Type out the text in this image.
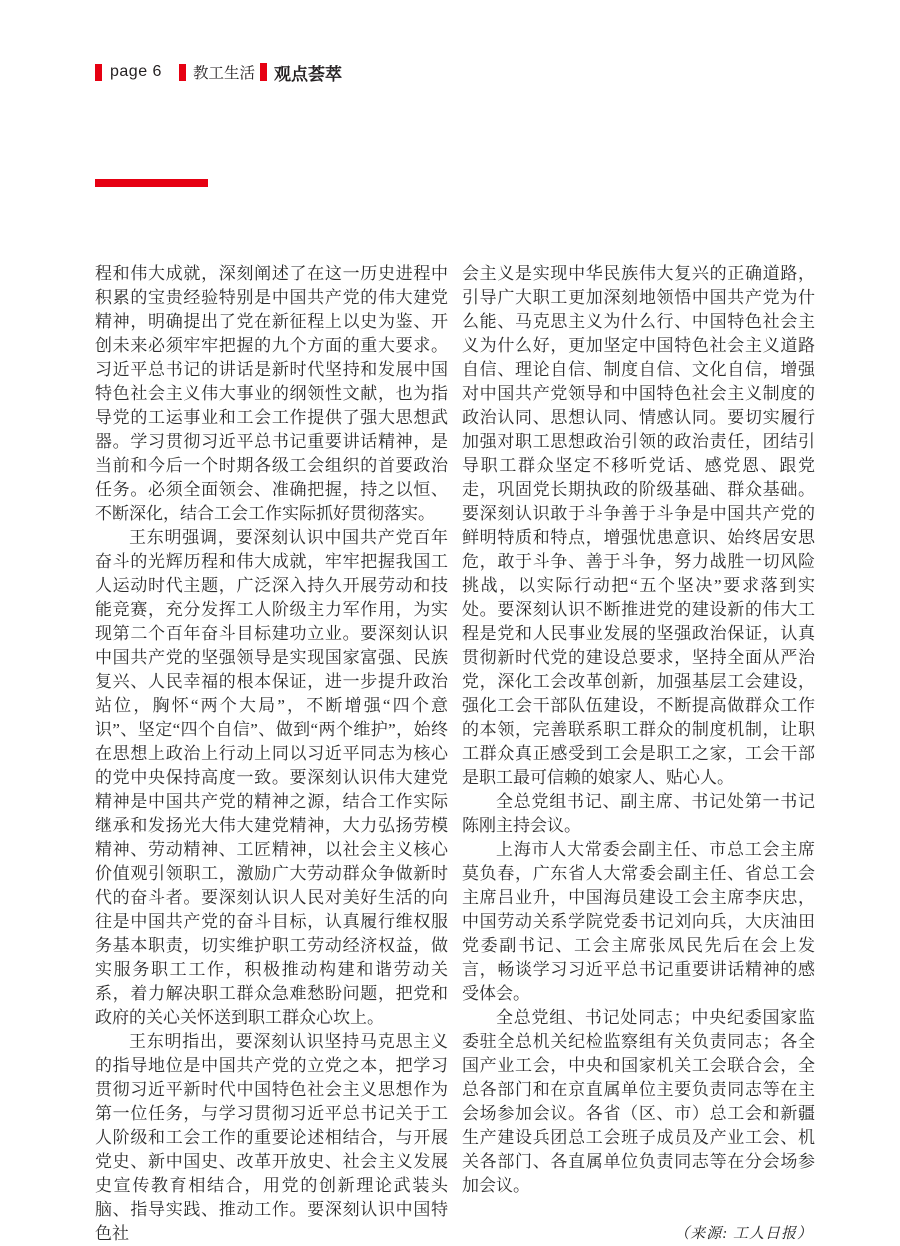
page 6 教工生活 观点荟萃

程和伟大成就，深刻阐述了在这一历史进程中积累的宝贵经验特别是中国共产党的伟大建党精神，明确提出了党在新征程上以史为鉴、开创未来必须牢牢把握的九个方面的重大要求。习近平总书记的讲话是新时代坚持和发展中国特色社会主义伟大事业的纲领性文献，也为指导党的工运事业和工会工作提供了强大思想武器。学习贯彻习近平总书记重要讲话精神，是当前和今后一个时期各级工会组织的首要政治任务。必须全面领会、准确把握，持之以恒、不断深化，结合工会工作实际抓好贯彻落实。

王东明强调，要深刻认识中国共产党百年奋斗的光辉历程和伟大成就，牢牢把握我国工人运动时代主题，广泛深入持久开展劳动和技能竞赛，充分发挥工人阶级主力军作用，为实现第二个百年奋斗目标建功立业。要深刻认识中国共产党的坚强领导是实现国家富强、民族复兴、人民幸福的根本保证，进一步提升政治站位，胸怀“两个大局”，不断增强“四个意识”、坚定“四个自信”、做到“两个维护”，始终在思想上政治上行动上同以习近平同志为核心的党中央保持高度一致。要深刻认识伟大建党精神是中国共产党的精神之源，结合工作实际继承和发扬光大伟大建党精神，大力弘扬劳模精神、劳动精神、工匠精神，以社会主义核心价值观引领职工，激励广大劳动群众争做新时代的奋斗者。要深刻认识人民对美好生活的向往是中国共产党的奋斗目标，认真履行维权服务基本职责，切实维护职工劳动经济权益，做实服务职工工作，积极推动构建和谐劳动关系，着力解决职工群众急难愁盼问题，把党和政府的关心关怀送到职工群众心坎上。

王东明指出，要深刻认识坚持马克思主义的指导地位是中国共产党的立党之本，把学习贯彻习近平新时代中国特色社会主义思想作为第一位任务，与学习贯彻习近平总书记关于工人阶级和工会工作的重要论述相结合，与开展党史、新中国史、改革开放史、社会主义发展史宣传教育相结合，用党的创新理论武装头脑、指导实践、推动工作。要深刻认识中国特色社

会主义是实现中华民族伟大复兴的正确道路，引导广大职工更加深刻地领悟中国共产党为什么能、马克思主义为什么行、中国特色社会主义为什么好，更加坚定中国特色社会主义道路自信、理论自信、制度自信、文化自信，增强对中国共产党领导和中国特色社会主义制度的政治认同、思想认同、情感认同。要切实履行加强对职工思想政治引领的政治责任，团结引导职工群众坚定不移听党话、感党恩、跟党走，巩固党长期执政的阶级基础、群众基础。要深刻认识敢于斗争善于斗争是中国共产党的鲜明特质和特点，增强忧患意识、始终居安思危，敢于斗争、善于斗争，努力战胜一切风险挑战，以实际行动把“五个坚决”要求落到实处。要深刻认识不断推进党的建设新的伟大工程是党和人民事业发展的坚强政治保证，认真贯彻新时代党的建设总要求，坚持全面从严治党，深化工会改革创新，加强基层工会建设，强化工会干部队伍建设，不断提高做群众工作的本领，完善联系职工群众的制度机制，让职工群众真正感受到工会是职工之家，工会干部是职工最可信赖的娘家人、贴心人。

全总党组书记、副主席、书记处第一书记陈刚主持会议。

上海市人大常委会副主任、市总工会主席莫负春，广东省人大常委会副主任、省总工会主席吕业升，中国海员建设工会主席李庆忠，中国劳动关系学院党委书记刘向兵，大庆油田党委副书记、工会主席张凤民先后在会上发言，畅谈学习习近平总书记重要讲话精神的感受体会。

全总党组、书记处同志；中央纪委国家监委驻全总机关纪检监察组有关负责同志；各全国产业工会，中央和国家机关工会联合会，全总各部门和在京直属单位主要负责同志等在主会场参加会议。各省（区、市）总工会和新疆生产建设兵团总工会班子成员及产业工会、机关各部门、各直属单位负责同志等在分会场参加会议。

（来源: 工人日报）
